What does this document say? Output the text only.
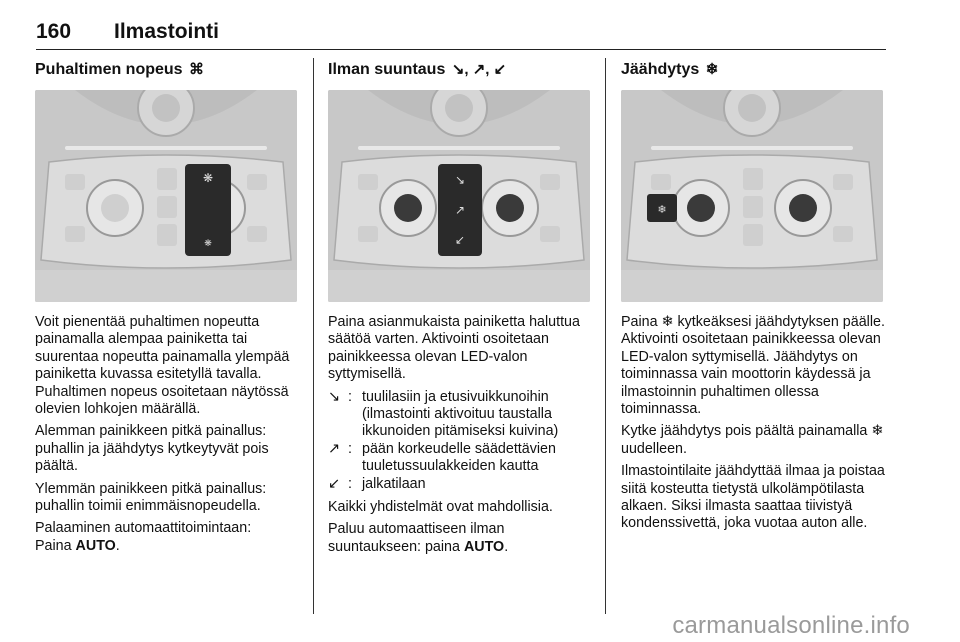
160 Ilmastointi
Puhaltimen nopeus ⌘
❋
❋

Voit pienentää puhaltimen nopeutta painamalla alempaa painiketta tai suurentaa nopeutta painamalla ylempää painiketta kuvassa esitetyllä tavalla. Puhaltimen nopeus osoitetaan näytössä olevien lohkojen määrällä.

Alemman painikkeen pitkä painallus: puhallin ja jäähdytys kytkeytyvät pois päältä.

Ylemmän painikkeen pitkä painallus: puhallin toimii enimmäisnopeudella.

Palaaminen automaattitoimintaan:
Paina AUTO.

Ilman suuntaus ↘, ↗, ↙
↘
↗
↙

Paina asianmukaista painiketta haluttua säätöä varten. Aktivointi osoitetaan painikkeessa olevan LED-valon syttymisellä.

↘ : tuulilasiin ja etusivuikkunoihin (ilmastointi aktivoituu taustalla ikkunoiden pitämiseksi kuivina)
↗ : pään korkeudelle säädettävien tuuletussuulakkeiden kautta
↙ : jalkatilaan

Kaikki yhdistelmät ovat mahdollisia.

Paluu automaattiseen ilman suuntaukseen: paina AUTO.

Jäähdytys ❄
❄

Paina ❄ kytkeäksesi jäähdytyksen päälle. Aktivointi osoitetaan painikkeessa olevan LED-valon syttymisellä. Jäähdytys on toiminnassa vain moottorin käydessä ja ilmastoinnin puhaltimen ollessa toiminnassa.

Kytke jäähdytys pois päältä painamalla ❄ uudelleen.

Ilmastointilaite jäähdyttää ilmaa ja poistaa siitä kosteutta tietystä ulkolämpötilasta alkaen. Siksi ilmasta saattaa tiivistyä kondenssivettä, joka vuotaa auton alle.

carmanualsonline.info
